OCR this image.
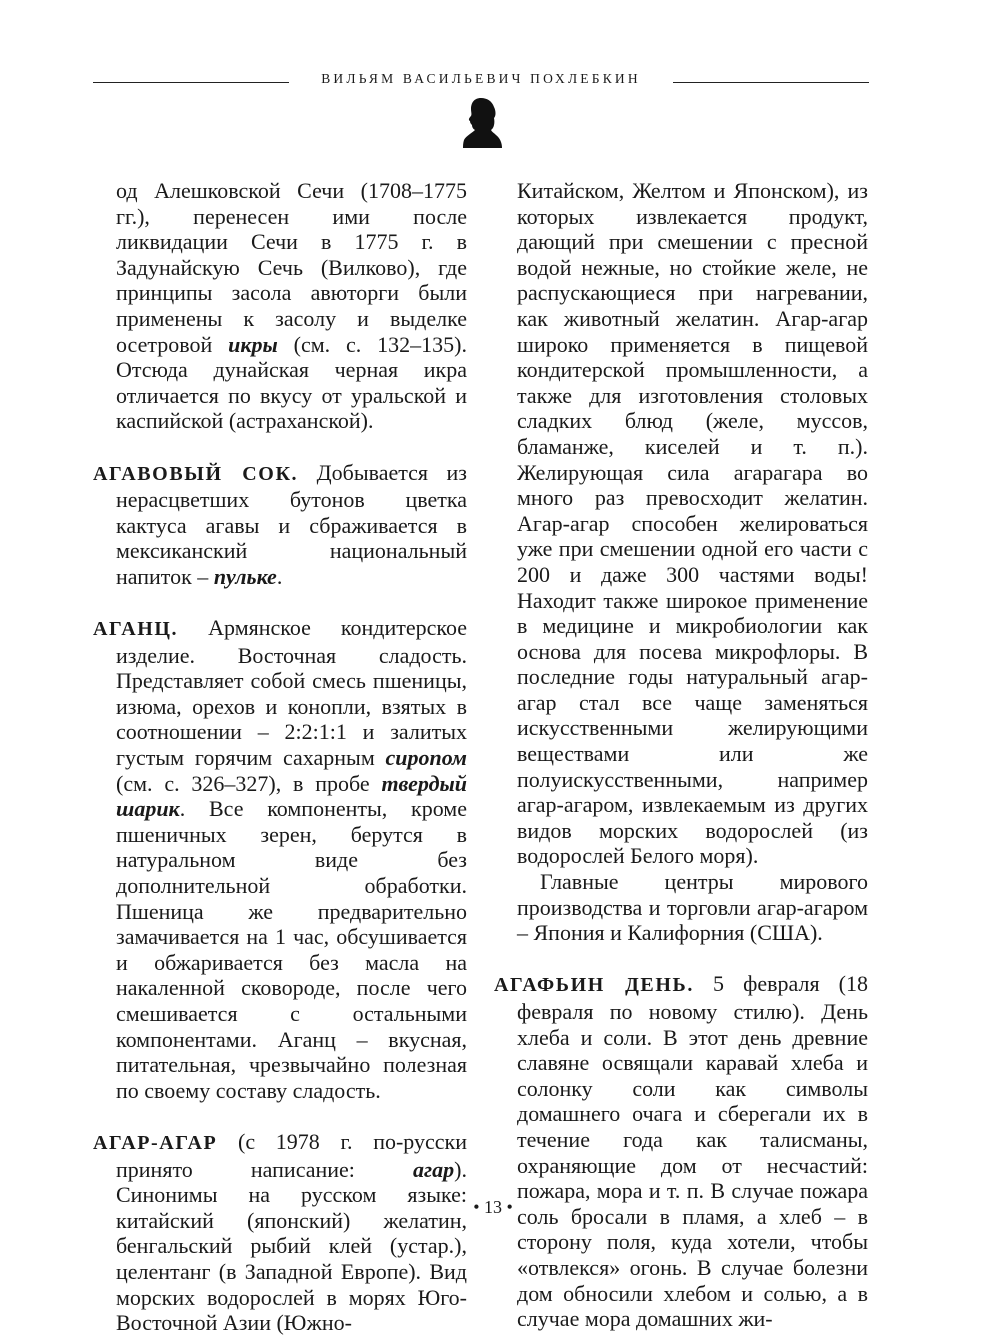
ВИЛЬЯМ ВАСИЛЬЕВИЧ ПОХЛЕБКИН

од Алешковской Сечи (1708–1775 гг.), перенесен ими после ликвидации Сечи в 1775 г. в Задунайскую Сечь (Вилково), где принципы засола авюторги были применены к засолу и выделке осетровой икры (см. с. 132–135). Отсюда дунайская черная икра отличается по вкусу от уральской и каспийской (астраханской).

АГАВОВЫЙ СОК. Добывается из нерасцветших бутонов цветка кактуса агавы и сбраживается в мексиканский национальный напиток – пульке.

АГАНЦ. Армянское кондитерское изделие. Восточная сладость. Представляет собой смесь пшеницы, изюма, орехов и конопли, взятых в соотношении – 2:2:1:1 и залитых густым горячим сахарным сиропом (см. с. 326–327), в пробе твердый шарик. Все компоненты, кроме пшеничных зерен, берутся в натуральном виде без дополнительной обработки. Пшеница же предварительно замачивается на 1 час, обсушивается и обжаривается без масла на накаленной сковороде, после чего смешивается с остальными компонентами. Аганц – вкусная, питательная, чрезвычайно полезная по своему составу сладость.

АГАР-АГАР (с 1978 г. по-русски принято написание: агар). Синонимы на русском языке: китайский (японский) желатин, бенгальский рыбий клей (устар.), целентанг (в Западной Европе). Вид морских водорослей в морях Юго-Восточной Азии (Южно-

Китайском, Желтом и Японском), из которых извлекается продукт, дающий при смешении с пресной водой нежные, но стойкие желе, не распускающиеся при нагревании, как животный желатин. Агар-агар широко применяется в пищевой кондитерской промышленности, а также для изготовления столовых сладких блюд (желе, муссов, бламанже, киселей и т. п.). Желирующая сила агарагара во много раз превосходит желатин. Агар-агар способен желироваться уже при смешении одной его части с 200 и даже 300 частями воды! Находит также широкое применение в медицине и микробиологии как основа для посева микрофлоры. В последние годы натуральный агар-агар стал все чаще заменяться искусственными желирующими веществами или же полуискусственными, например агар-агаром, извлекаемым из других видов морских водорослей (из водорослей Белого моря).

Главные центры мирового производства и торговли агар-агаром – Япония и Калифорния (США).

АГАФЬИН ДЕНЬ. 5 февраля (18 февраля по новому стилю). День хлеба и соли. В этот день древние славяне освящали каравай хлеба и солонку соли как символы домашнего очага и сберегали их в течение года как талисманы, охраняющие дом от несчастий: пожара, мора и т. п. В случае пожара соль бросали в пламя, а хлеб – в сторону поля, куда хотели, чтобы «отвлекся» огонь. В случае болезни дом обносили хлебом и солью, а в случае мора домашних жи-

• 13 •
